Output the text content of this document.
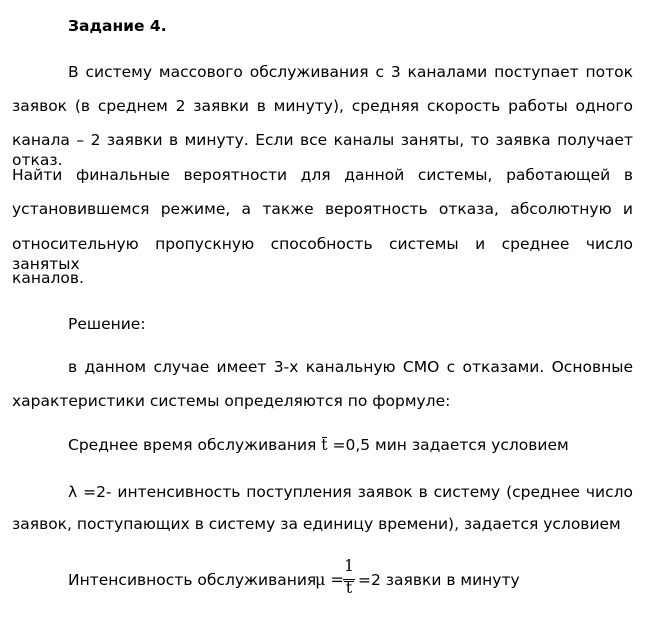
Задание 4.
В систему массового обслуживания с 3 каналами поступает поток
заявок (в среднем 2 заявки в минуту), средняя скорость работы одного
канала – 2 заявки в минуту. Если все каналы заняты, то заявка получает отказ.
Найти финальные вероятности для данной системы, работающей в
установившемся режиме, а также вероятность отказа, абсолютную и
относительную пропускную способность системы и среднее число занятых
каналов.
Решение:
в данном случае имеет 3-х канальную СМО с отказами. Основные
характеристики системы определяются по формуле:
Среднее время обслуживания t =0,5 мин задается условием
λ =2- интенсивность поступления заявок в систему (среднее число
заявок, поступающих в систему за единицу времени), задается условием
Интенсивность обслуживания
μ =
1
t =2 заявки в минуту
